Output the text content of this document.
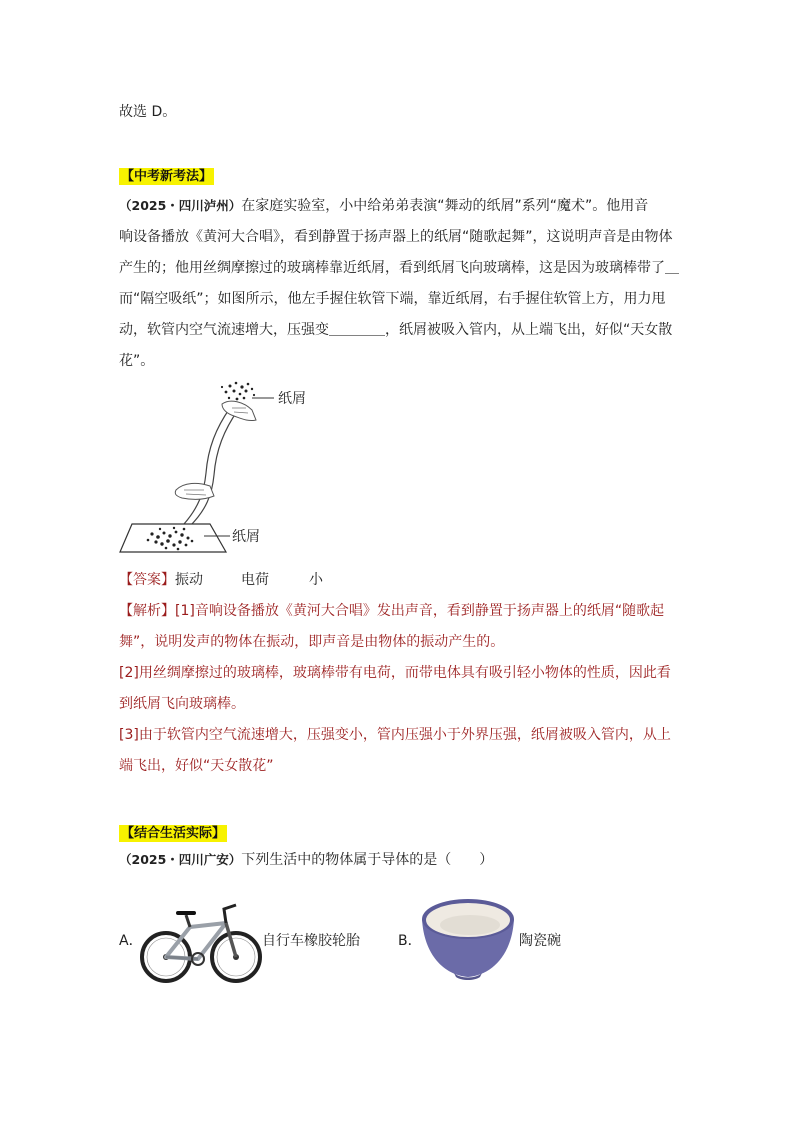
故选 D。
【中考新考法】
（2025・四川泸州）在家庭实验室，小中给弟弟表演“舞动的纸屑”系列“魔术”。他用音
响设备播放《黄河大合唱》，看到静置于扬声器上的纸屑“随歌起舞”，这说明声音是由物体
产生的；他用丝绸摩擦过的玻璃棒靠近纸屑，看到纸屑飞向玻璃棒，这是因为玻璃棒带了＿
而“隔空吸纸”；如图所示，他左手握住软管下端，靠近纸屑，右手握住软管上方，用力甩
动，软管内空气流速增大，压强变＿＿＿＿，纸屑被吸入管内，从上端飞出，好似“天女散
花”。
纸屑
纸屑
【答案】振动	电荷	小
【解析】[1]音响设备播放《黄河大合唱》发出声音，看到静置于扬声器上的纸屑“随歌起
舞”，说明发声的物体在振动，即声音是由物体的振动产生的。
[2]用丝绸摩擦过的玻璃棒，玻璃棒带有电荷，而带电体具有吸引轻小物体的性质，因此看
到纸屑飞向玻璃棒。
[3]由于软管内空气流速增大，压强变小，管内压强小于外界压强，纸屑被吸入管内，从上
端飞出，好似“天女散花”
【结合生活实际】
（2025・四川广安）下列生活中的物体属于导体的是（　　）
A．	自行车橡胶轮胎	B．	陶瓷碗
